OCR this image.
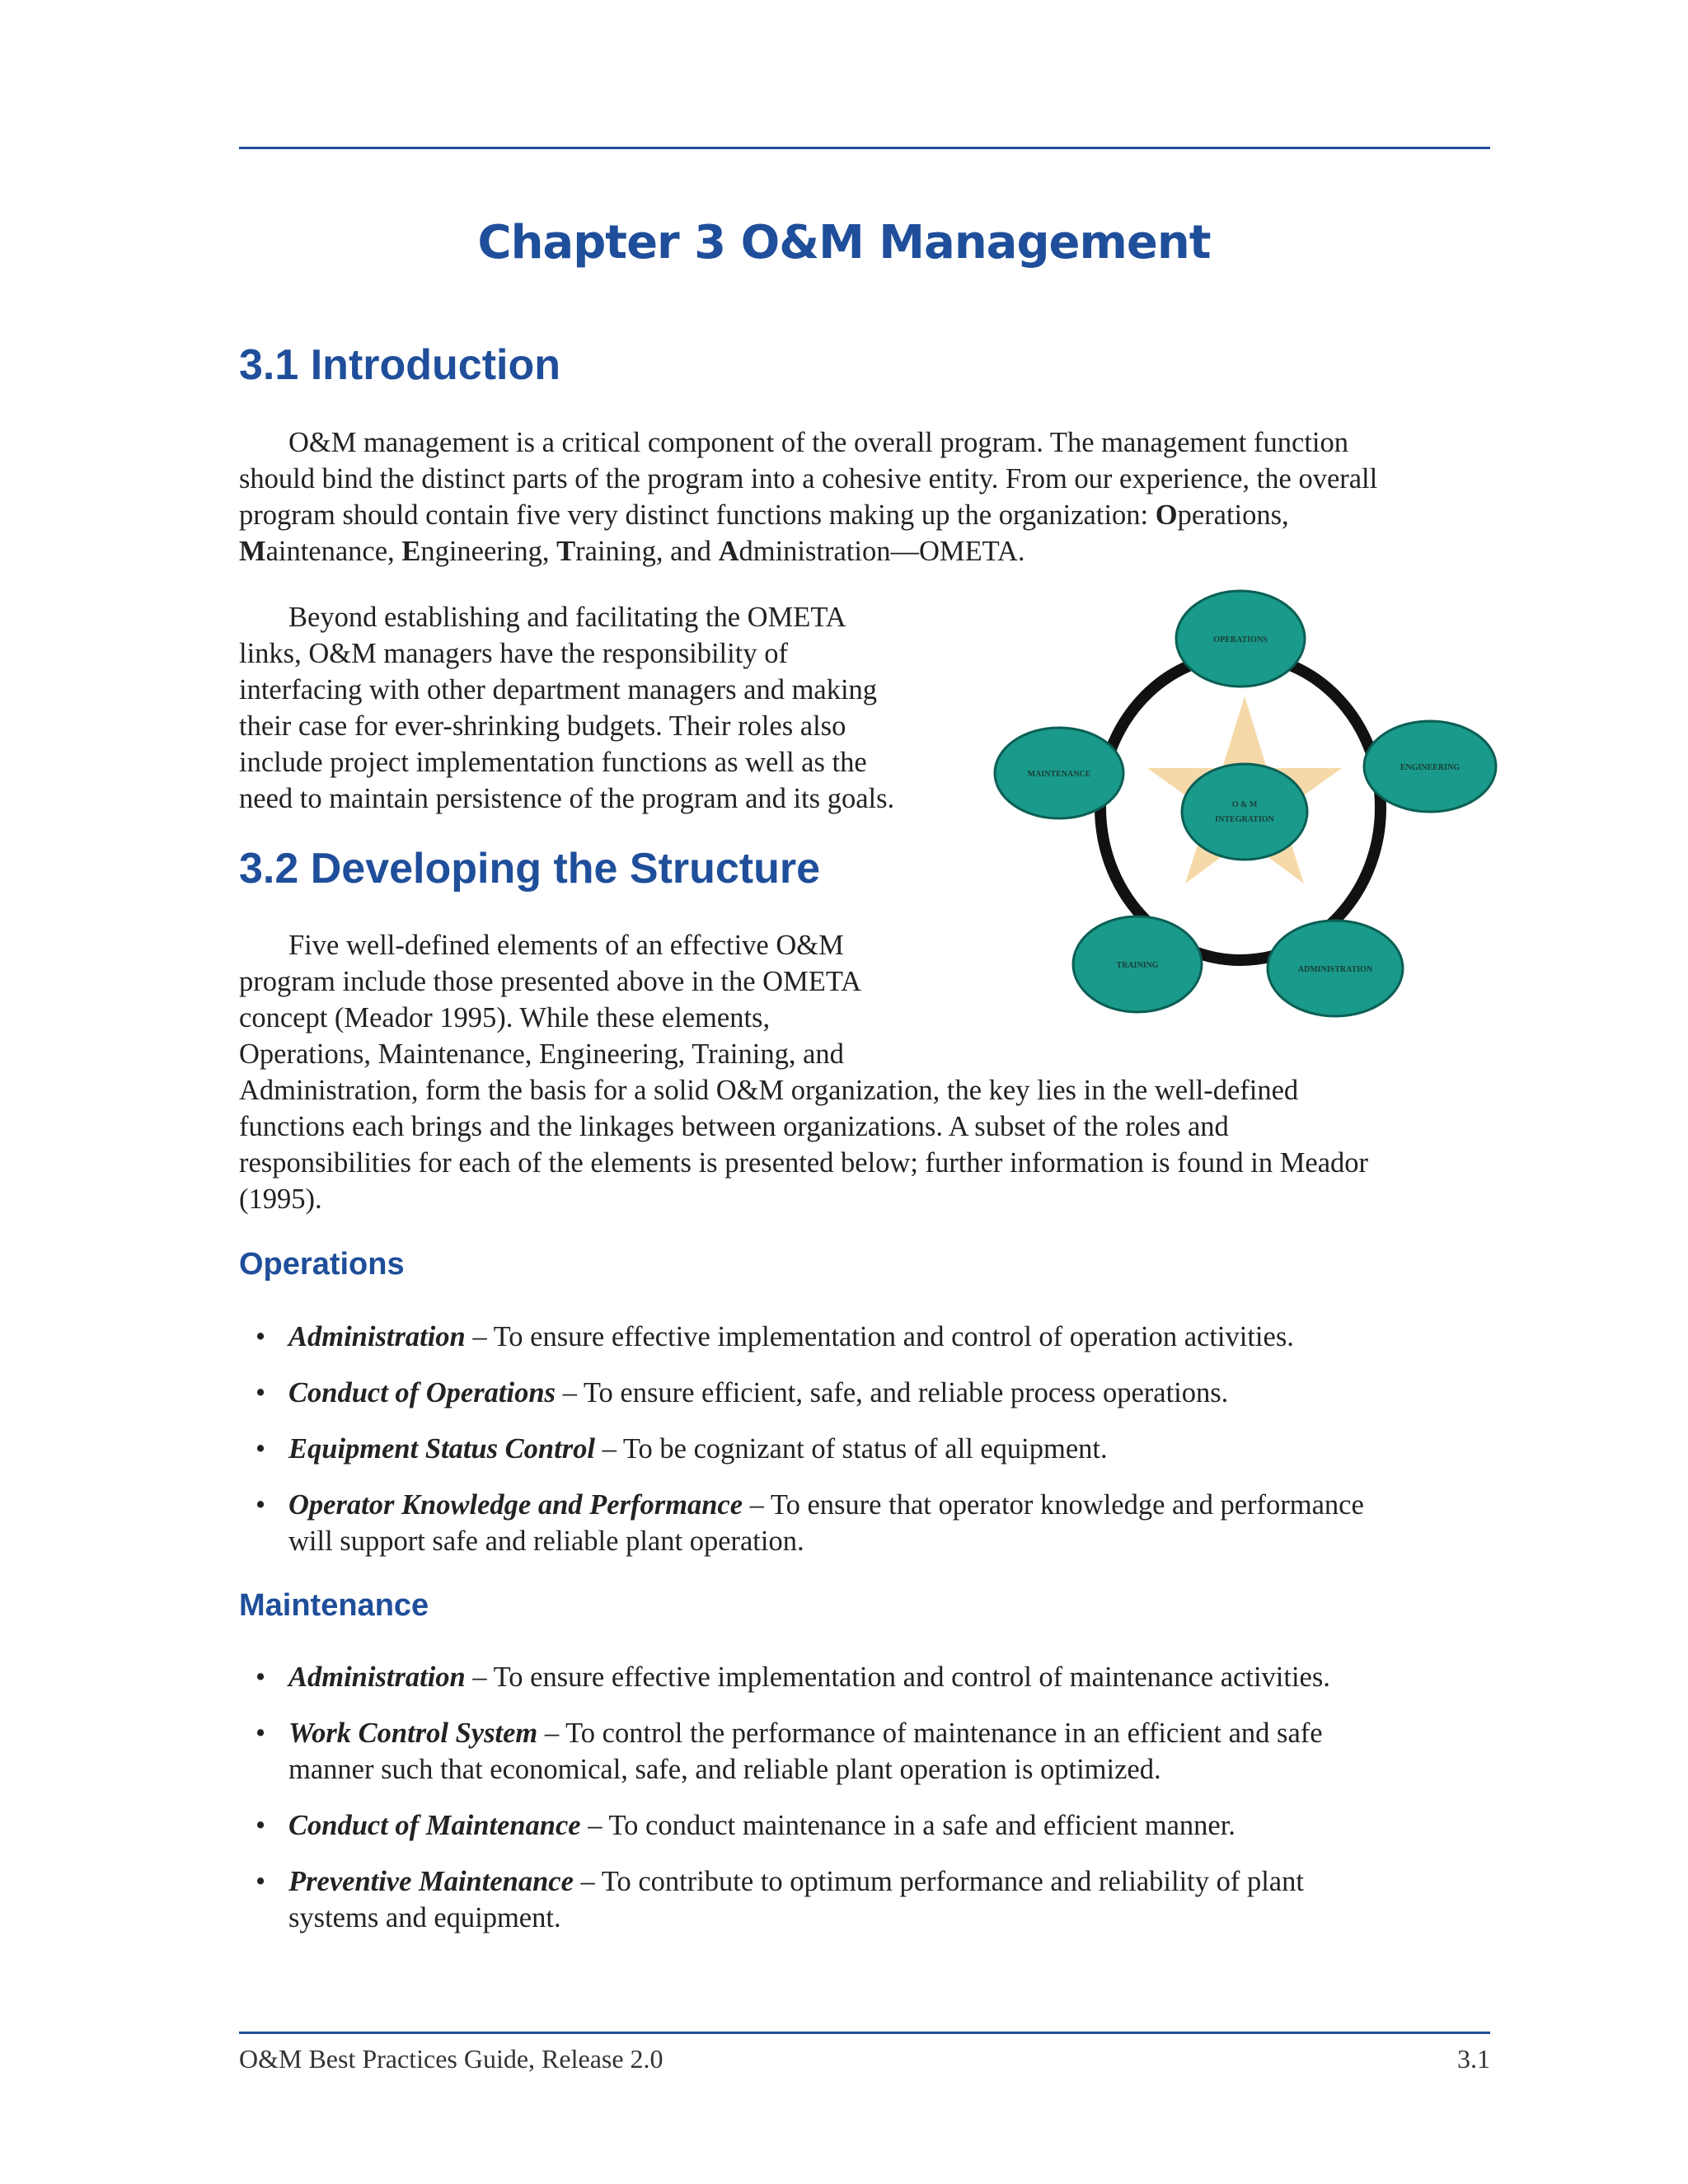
Chapter 3 O&M Management
3.1 Introduction
O&M management is a critical component of the overall program. The management function
should bind the distinct parts of the program into a cohesive entity. From our experience, the overall
program should contain five very distinct functions making up the organization: Operations,
Maintenance, Engineering, Training, and Administration—OMETA.
Beyond establishing and facilitating the OMETA
links, O&M managers have the responsibility of
interfacing with other department managers and making
their case for ever-shrinking budgets. Their roles also
include project implementation functions as well as the
need to maintain persistence of the program and its goals.
OPERATIONS
ENGINEERING
MAINTENANCE
TRAINING	ADMINISTRATION
O & M
INTEGRATION
3.2 Developing the Structure
Five well-defined elements of an effective O&M
program include those presented above in the OMETA
concept (Meador 1995). While these elements,
Operations, Maintenance, Engineering, Training, and
Administration, form the basis for a solid O&M organization, the key lies in the well-defined
functions each brings and the linkages between organizations. A subset of the roles and
responsibilities for each of the elements is presented below; further information is found in Meador
(1995).
Operations
• Administration – To ensure effective implementation and control of operation activities.
• Conduct of Operations – To ensure efficient, safe, and reliable process operations.
• Equipment Status Control – To be cognizant of status of all equipment.
• Operator Knowledge and Performance – To ensure that operator knowledge and performance
will support safe and reliable plant operation.
Maintenance
• Administration – To ensure effective implementation and control of maintenance activities.
• Work Control System – To control the performance of maintenance in an efficient and safe
manner such that economical, safe, and reliable plant operation is optimized.
• Conduct of Maintenance – To conduct maintenance in a safe and efficient manner.
• Preventive Maintenance – To contribute to optimum performance and reliability of plant
systems and equipment.
O&M Best Practices Guide, Release 2.0	3.1
